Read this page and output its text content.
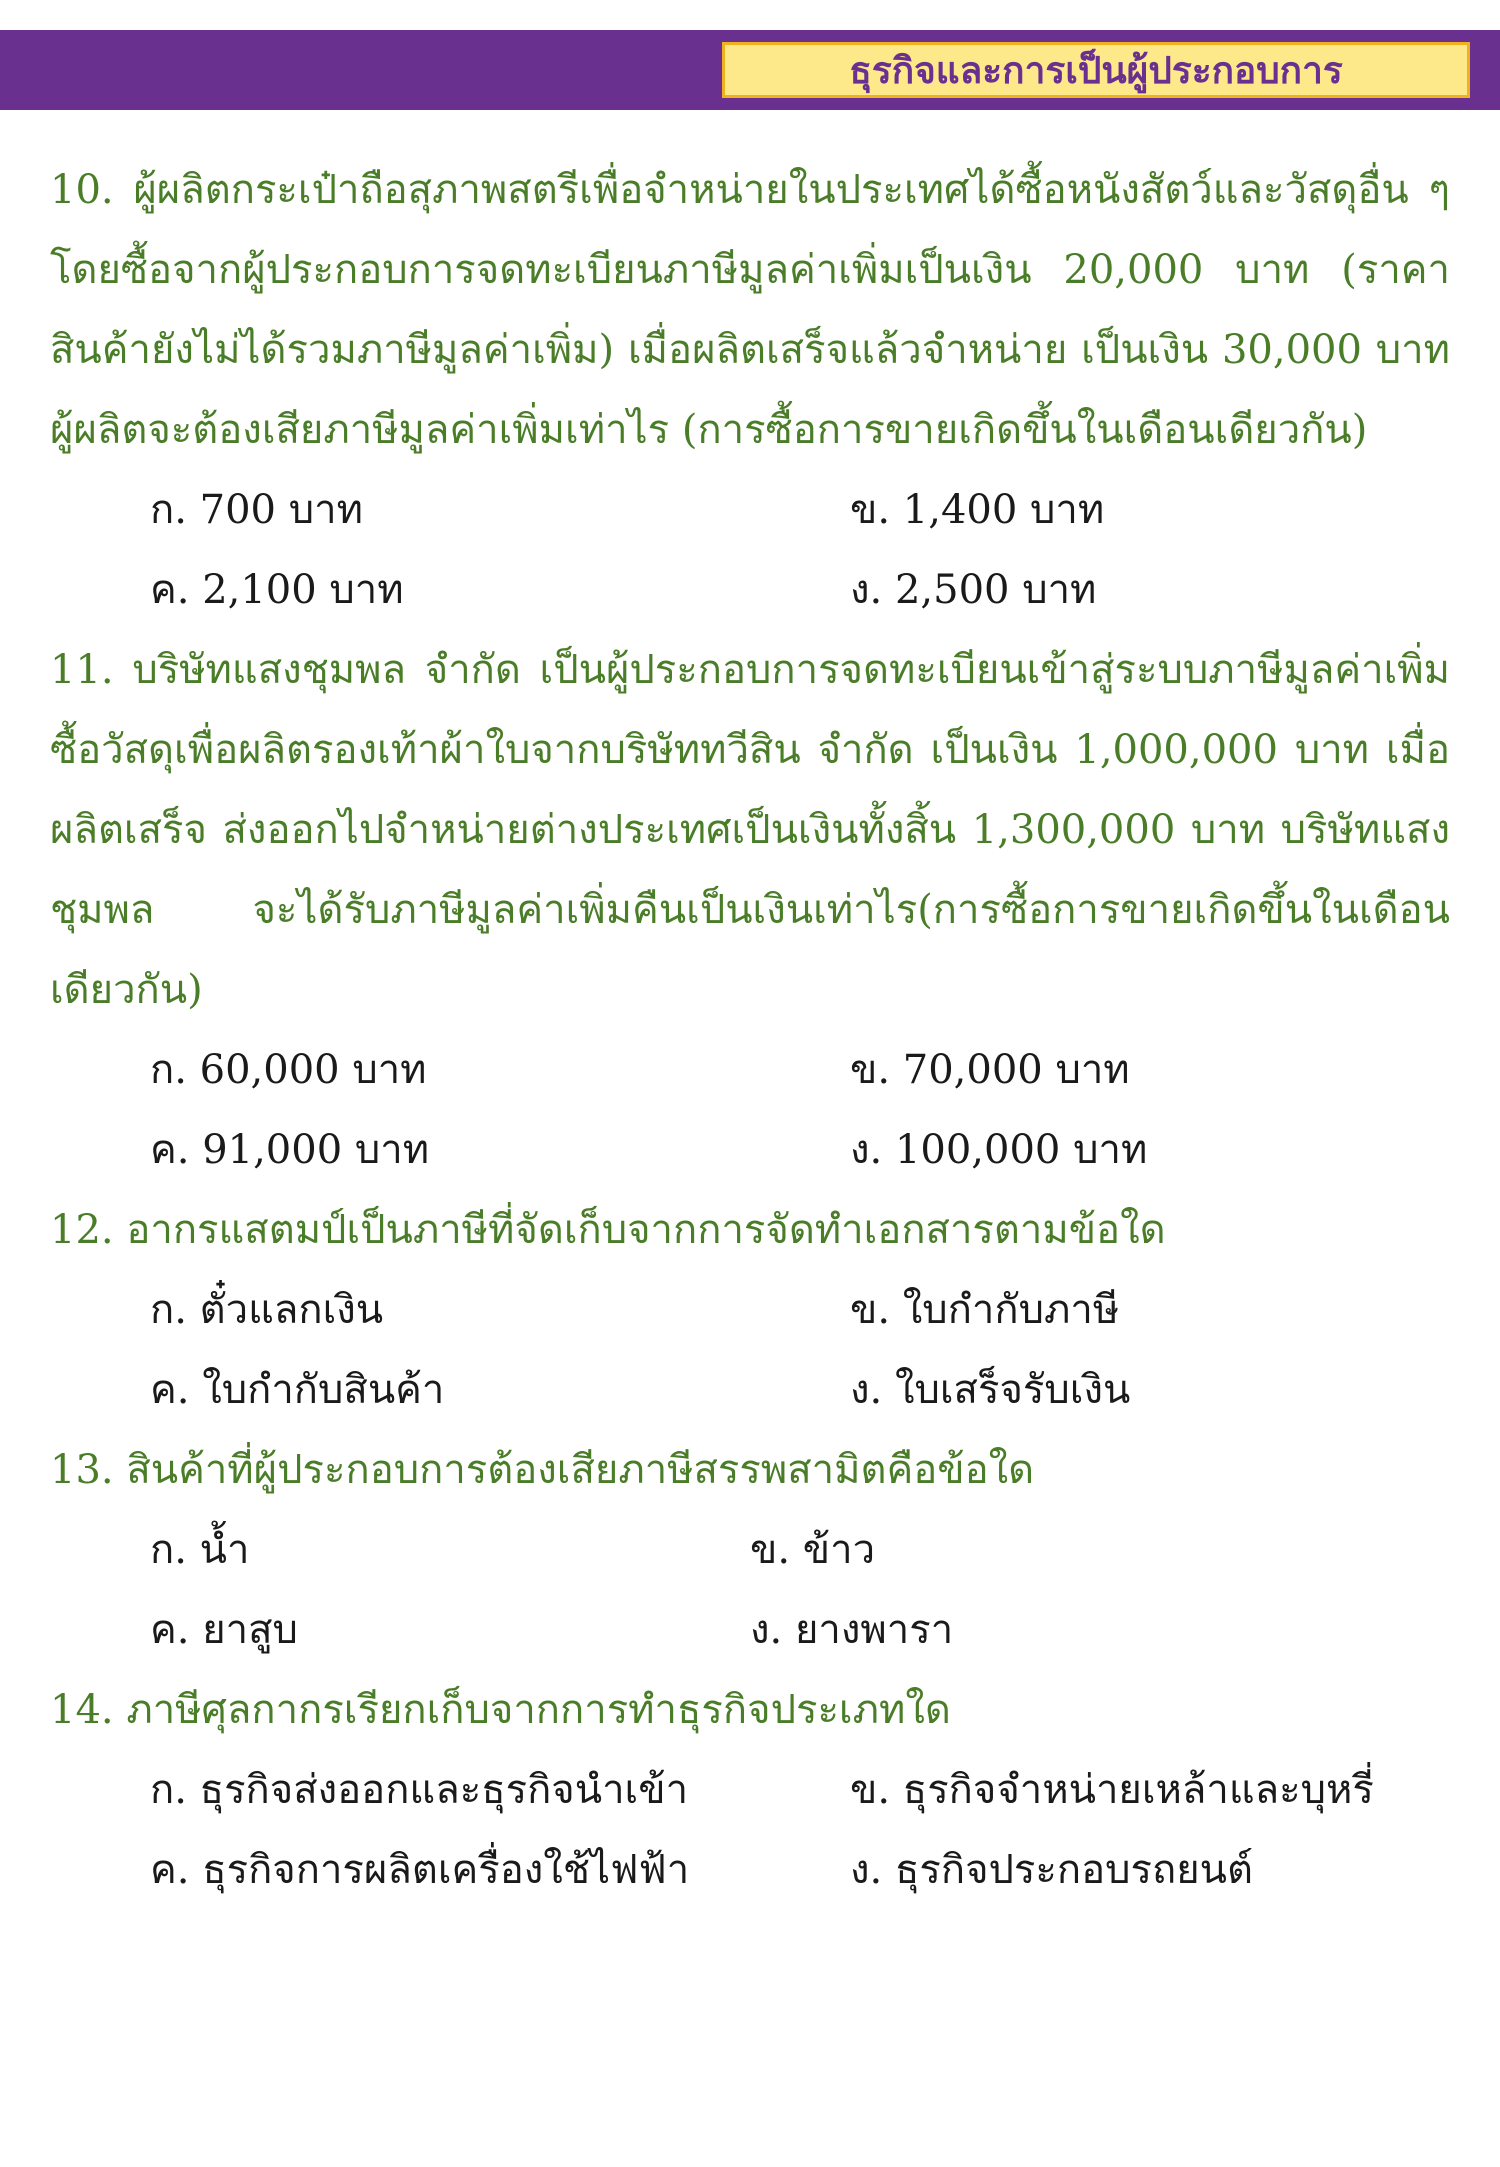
ธุรกิจและการเป็นผู้ประกอบการ

10. ผู้ผลิตกระเป๋าถือสุภาพสตรีเพื่อจำหน่ายในประเทศได้ซื้อหนังสัตว์และวัสดุอื่น ๆ โดยซื้อจากผู้ประกอบการจดทะเบียนภาษีมูลค่าเพิ่มเป็นเงิน 20,000 บาท (ราคาสินค้ายังไม่ได้รวมภาษีมูลค่าเพิ่ม) เมื่อผลิตเสร็จแล้วจำหน่าย เป็นเงิน 30,000 บาท ผู้ผลิตจะต้องเสียภาษีมูลค่าเพิ่มเท่าไร (การซื้อการขายเกิดขึ้นในเดือนเดียวกัน)

ก. 700 บาท	ข. 1,400 บาท
ค. 2,100 บาท	ง. 2,500 บาท

11. บริษัทแสงชุมพล จำกัด เป็นผู้ประกอบการจดทะเบียนเข้าสู่ระบบภาษีมูลค่าเพิ่ม ซื้อวัสดุเพื่อผลิตรองเท้าผ้าใบจากบริษัททวีสิน จำกัด เป็นเงิน 1,000,000 บาท เมื่อผลิตเสร็จ ส่งออกไปจำหน่ายต่างประเทศเป็นเงินทั้งสิ้น 1,300,000 บาท บริษัทแสงชุมพล จะได้รับภาษีมูลค่าเพิ่มคืนเป็นเงินเท่าไร(การซื้อการขายเกิดขึ้นในเดือนเดียวกัน)

ก. 60,000 บาท	ข. 70,000 บาท
ค. 91,000 บาท	ง. 100,000 บาท

12. อากรแสตมป์เป็นภาษีที่จัดเก็บจากการจัดทำเอกสารตามข้อใด

ก. ตั๋วแลกเงิน	ข. ใบกำกับภาษี
ค. ใบกำกับสินค้า	ง. ใบเสร็จรับเงิน

13. สินค้าที่ผู้ประกอบการต้องเสียภาษีสรรพสามิตคือข้อใด

ก. น้ำ	ข. ข้าว
ค. ยาสูบ	ง. ยางพารา

14. ภาษีศุลกากรเรียกเก็บจากการทำธุรกิจประเภทใด

ก. ธุรกิจส่งออกและธุรกิจนำเข้า	ข. ธุรกิจจำหน่ายเหล้าและบุหรี่
ค. ธุรกิจการผลิตเครื่องใช้ไฟฟ้า	ง. ธุรกิจประกอบรถยนต์
